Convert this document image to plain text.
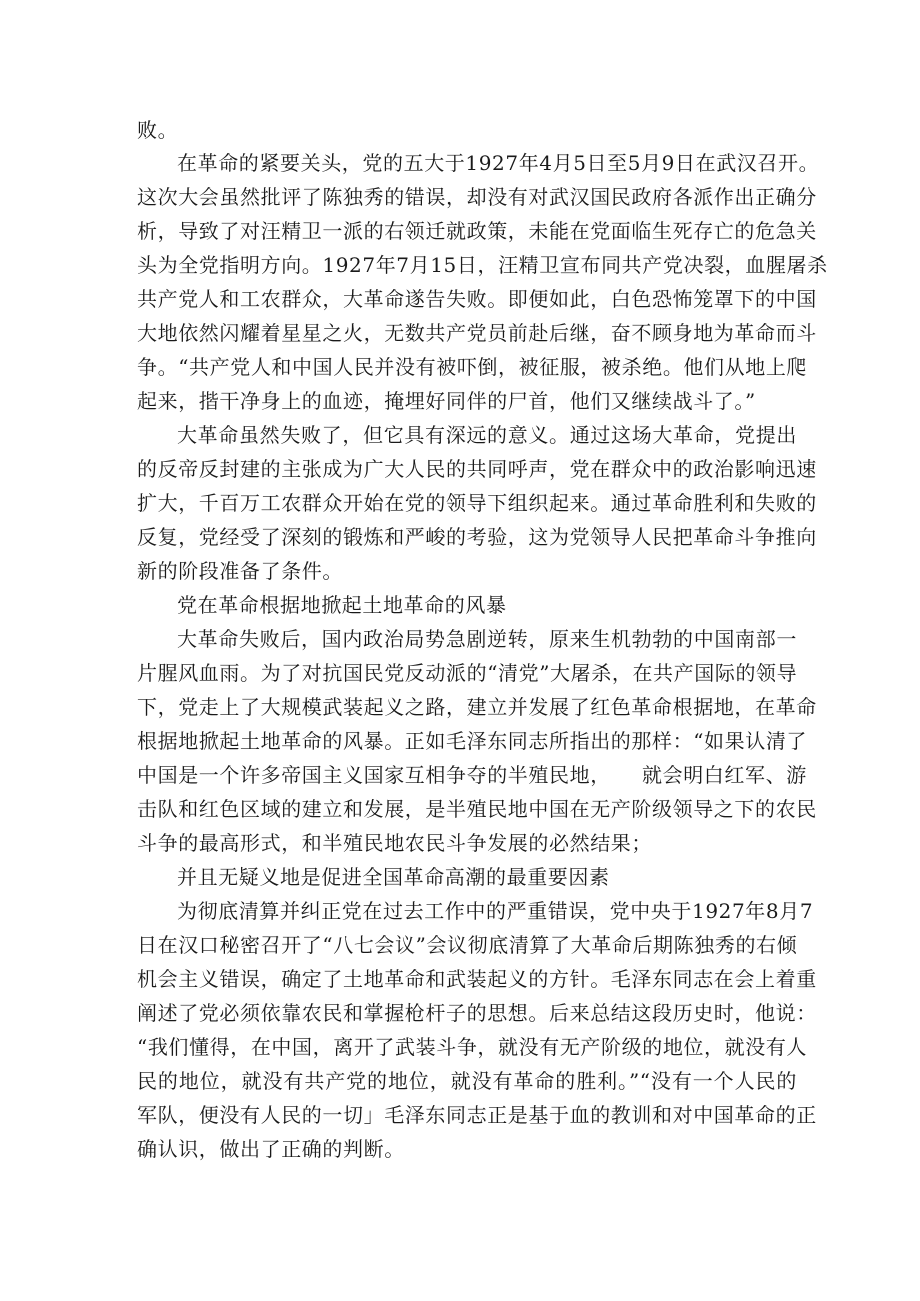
败。
在革命的紧要关头，党的五大于1927年4月5日至5月9日在武汉召开。
这次大会虽然批评了陈独秀的错误，却没有对武汉国民政府各派作出正确分
析，导致了对汪精卫一派的右领迁就政策，未能在党面临生死存亡的危急关
头为全党指明方向。1927年7月15日，汪精卫宣布同共产党决裂，血腥屠杀
共产党人和工农群众，大革命遂告失败。即便如此，白色恐怖笼罩下的中国
大地依然闪耀着星星之火，无数共产党员前赴后继，奋不顾身地为革命而斗
争。“共产党人和中国人民并没有被吓倒，被征服，被杀绝。他们从地上爬
起来，揩干净身上的血迹，掩埋好同伴的尸首，他们又继续战斗了。”
大革命虽然失败了，但它具有深远的意义。通过这场大革命，党提出
的反帝反封建的主张成为广大人民的共同呼声，党在群众中的政治影响迅速
扩大，千百万工农群众开始在党的领导下组织起来。通过革命胜利和失败的
反复，党经受了深刻的锻炼和严峻的考验，这为党领导人民把革命斗争推向
新的阶段准备了条件。
党在革命根据地掀起土地革命的风暴
大革命失败后，国内政治局势急剧逆转，原来生机勃勃的中国南部一
片腥风血雨。为了对抗国民党反动派的“清党”大屠杀，在共产国际的领导
下，党走上了大规模武装起义之路，建立并发展了红色革命根据地，在革命
根据地掀起土地革命的风暴。正如毛泽东同志所指出的那样：“如果认清了
中国是一个许多帝国主义国家互相争夺的半殖民地，　　就会明白红军、游
击队和红色区域的建立和发展，是半殖民地中国在无产阶级领导之下的农民
斗争的最高形式，和半殖民地农民斗争发展的必然结果；
并且无疑义地是促进全国革命高潮的最重要因素
为彻底清算并纠正党在过去工作中的严重错误，党中央于1927年8月7
日在汉口秘密召开了“八七会议”会议彻底清算了大革命后期陈独秀的右倾
机会主义错误，确定了土地革命和武装起义的方针。毛泽东同志在会上着重
阐述了党必须依靠农民和掌握枪杆子的思想。后来总结这段历史时，他说：
“我们懂得，在中国，离开了武装斗争，就没有无产阶级的地位，就没有人
民的地位，就没有共产党的地位，就没有革命的胜利。”“没有一个人民的
军队，便没有人民的一切」毛泽东同志正是基于血的教训和对中国革命的正
确认识，做出了正确的判断。
